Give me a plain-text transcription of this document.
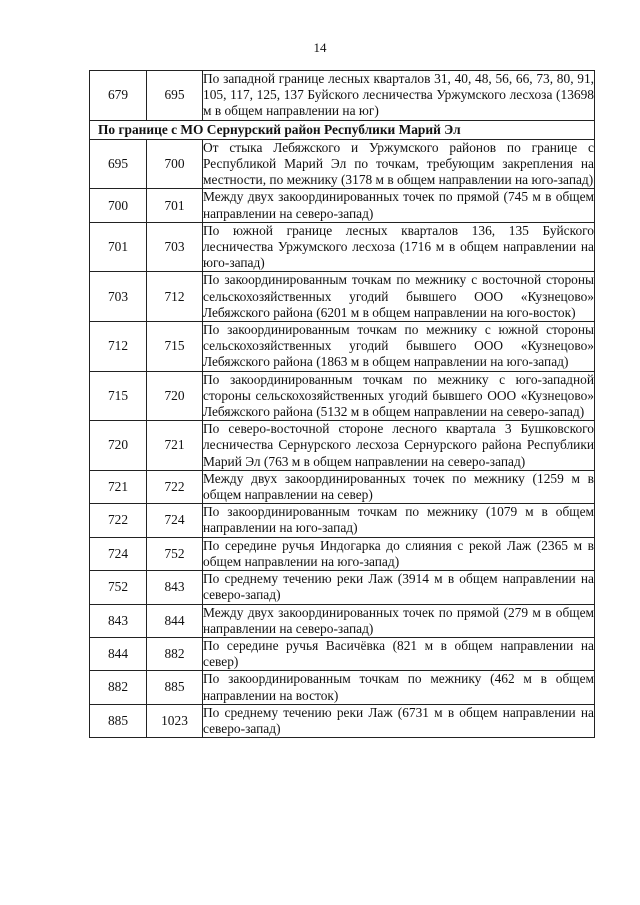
14
679	695	По западной границе лесных кварталов 31, 40, 48, 56, 66, 73, 80, 91, 105, 117, 125, 137 Буйского лесничества Уржумского лесхоза (13698 м в общем направлении на юг)
По границе с МО Сернурский район Республики Марий Эл		
695	700	От стыка Лебяжского и Уржумского районов по границе с Республикой Марий Эл по точкам, требующим закрепления на местности, по межнику (3178 м в общем направлении на юго-запад)
700	701	Между двух закоординированных точек по прямой (745 м в общем направлении на северо-запад)
701	703	По южной границе лесных кварталов 136, 135 Буйского лесничества Уржумского лесхоза (1716 м в общем направлении на юго-запад)
703	712	По закоординированным точкам по межнику с восточной стороны сельскохозяйственных угодий бывшего ООО «Кузнецово» Лебяжского района (6201 м в общем направлении на юго-восток)
712	715	По закоординированным точкам по межнику с южной стороны сельскохозяйственных угодий бывшего ООО «Кузнецово» Лебяжского района (1863 м в общем направлении на юго-запад)
715	720	По закоординированным точкам по межнику с юго-западной стороны сельскохозяйственных угодий бывшего ООО «Кузнецово» Лебяжского района (5132 м в общем направлении на северо-запад)
720	721	По северо-восточной стороне лесного квартала 3 Бушковского лесничества Сернурского лесхоза Сернурского района Республики Марий Эл (763 м в общем направлении на северо-запад)
721	722	Между двух закоординированных точек по межнику (1259 м в общем направлении на север)
722	724	По закоординированным точкам по межнику (1079 м в общем направлении на юго-запад)
724	752	По середине ручья Индогарка до слияния с рекой Лаж (2365 м в общем направлении на юго-запад)
752	843	По среднему течению реки Лаж (3914 м в общем направлении на северо-запад)
843	844	Между двух закоординированных точек по прямой (279 м в общем направлении на северо-запад)
844	882	По середине ручья Васичёвка (821 м в общем направлении на север)
882	885	По закоординированным точкам по межнику (462 м в общем направлении на восток)
885	1023	По среднему течению реки Лаж (6731 м в общем направлении на северо-запад)
